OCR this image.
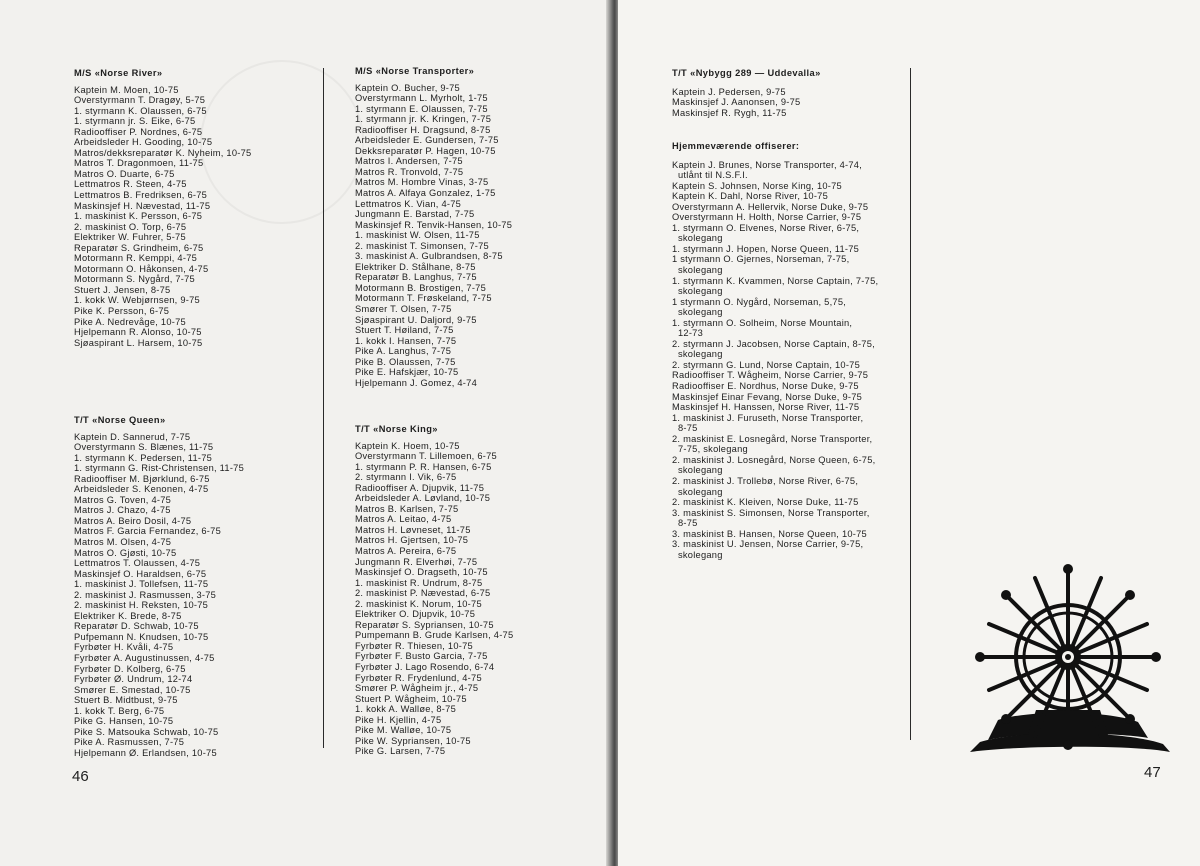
M/S «Norse River»
Kaptein M. Moen, 10-75
Overstyrmann T. Dragøy, 5-75
1. styrmann K. Olaussen, 6-75
1. styrmann jr. S. Eike, 6-75
Radiooffiser P. Nordnes, 6-75
Arbeidsleder H. Gooding, 10-75
Matros/dekksreparatør K. Nyheim, 10-75
Matros T. Dragonmoen, 11-75
Matros O. Duarte, 6-75
Lettmatros R. Steen, 4-75
Lettmatros B. Fredriksen, 6-75
Maskinsjef H. Nævestad, 11-75
1. maskinist K. Persson, 6-75
2. maskinist O. Torp, 6-75
Elektriker W. Fuhrer, 5-75
Reparatør S. Grindheim, 6-75
Motormann R. Kemppi, 4-75
Motormann O. Håkonsen, 4-75
Motormann S. Nygård, 7-75
Stuert J. Jensen, 8-75
1. kokk W. Webjørnsen, 9-75
Pike K. Persson, 6-75
Pike A. Nedrevåge, 10-75
Hjelpemann R. Alonso, 10-75
Sjøaspirant L. Harsem, 10-75
T/T «Norse Queen»
Kaptein D. Sannerud, 7-75
Overstyrmann S. Blænes, 11-75
1. styrmann K. Pedersen, 11-75
1. styrmann G. Rist-Christensen, 11-75
Radiooffiser M. Bjørklund, 6-75
Arbeidsleder S. Kenonen, 4-75
Matros G. Toven, 4-75
Matros J. Chazo, 4-75
Matros A. Beiro Dosil, 4-75
Matros F. Garcia Fernandez, 6-75
Matros M. Olsen, 4-75
Matros O. Gjøsti, 10-75
Lettmatros T. Olaussen, 4-75
Maskinsjef O. Haraldsen, 6-75
1. maskinist J. Tollefsen, 11-75
2. maskinist J. Rasmussen, 3-75
2. maskinist H. Reksten, 10-75
Elektriker K. Brede, 8-75
Reparatør D. Schwab, 10-75
Pufpemann N. Knudsen, 10-75
Fyrbøter H. Kvåli, 4-75
Fyrbøter A. Augustinussen, 4-75
Fyrbøter D. Kolberg, 6-75
Fyrbøter Ø. Undrum, 12-74
Smører E. Smestad, 10-75
Stuert B. Midtbust, 9-75
1. kokk T. Berg, 6-75
Pike G. Hansen, 10-75
Pike S. Matsouka Schwab, 10-75
Pike A. Rasmussen, 7-75
Hjelpemann Ø. Erlandsen, 10-75
M/S «Norse Transporter»
Kaptein O. Bucher, 9-75
Overstyrmann L. Myrholt, 1-75
1. styrmann E. Olaussen, 7-75
1. styrmann jr. K. Kringen, 7-75
Radiooffiser H. Dragsund, 8-75
Arbeidsleder E. Gundersen, 7-75
Dekksreparatør P. Hagen, 10-75
Matros I. Andersen, 7-75
Matros R. Tronvold, 7-75
Matros M. Hombre Vinas, 3-75
Matros A. Alfaya Gonzalez, 1-75
Lettmatros K. Vian, 4-75
Jungmann E. Barstad, 7-75
Maskinsjef R. Tenvik-Hansen, 10-75
1. maskinist W. Olsen, 11-75
2. maskinist T. Simonsen, 7-75
3. maskinist A. Gulbrandsen, 8-75
Elektriker D. Stålhane, 8-75
Reparatør B. Langhus, 7-75
Motormann B. Brostigen, 7-75
Motormann T. Frøskeland, 7-75
Smører T. Olsen, 7-75
Sjøaspirant U. Daljord, 9-75
Stuert T. Høiland, 7-75
1. kokk I. Hansen, 7-75
Pike A. Langhus, 7-75
Pike B. Olaussen, 7-75
Pike E. Hafskjær, 10-75
Hjelpemann J. Gomez, 4-74
T/T «Norse King»
Kaptein K. Hoem, 10-75
Overstyrmann T. Lillemoen, 6-75
1. styrmann P. R. Hansen, 6-75
2. styrmann I. Vik, 6-75
Radiooffiser A. Djupvik, 11-75
Arbeidsleder A. Løvland, 10-75
Matros B. Karlsen, 7-75
Matros A. Leitao, 4-75
Matros H. Løvneset, 11-75
Matros H. Gjertsen, 10-75
Matros A. Pereira, 6-75
Jungmann R. Elverhøi, 7-75
Maskinsjef O. Dragseth, 10-75
1. maskinist R. Undrum, 8-75
2. maskinist P. Nævestad, 6-75
2. maskinist K. Norum, 10-75
Elektriker O. Djupvik, 10-75
Reparatør S. Sypriansen, 10-75
Pumpemann B. Grude Karlsen, 4-75
Fyrbøter R. Thiesen, 10-75
Fyrbøter F. Busto Garcia, 7-75
Fyrbøter J. Lago Rosendo, 6-74
Fyrbøter R. Frydenlund, 4-75
Smører P. Wågheim jr., 4-75
Stuert P. Wågheim, 10-75
1. kokk A. Walløe, 8-75
Pike H. Kjellin, 4-75
Pike M. Walløe, 10-75
Pike W. Sypriansen, 10-75
Pike G. Larsen, 7-75
46
T/T «Nybygg 289 — Uddevalla»
Kaptein J. Pedersen, 9-75
Maskinsjef J. Aanonsen, 9-75
Maskinsjef R. Rygh, 11-75
Hjemmeværende offiserer:
Kaptein J. Brunes, Norse Transporter, 4-74,
utlånt til N.S.F.I.
Kaptein S. Johnsen, Norse King, 10-75
Kaptein K. Dahl, Norse River, 10-75
Overstyrmann A. Hellervik, Norse Duke, 9-75
Overstyrmann H. Holth, Norse Carrier, 9-75
1. styrmann O. Elvenes, Norse River, 6-75,
skolegang
1. styrmann J. Hopen, Norse Queen, 11-75
1 styrmann O. Gjernes, Norseman, 7-75,
skolegang
1. styrmann K. Kvammen, Norse Captain, 7-75,
skolegang
1 styrmann O. Nygård, Norseman, 5,75,
skolegang
1. styrmann O. Solheim, Norse Mountain,
12-73
2. styrmann J. Jacobsen, Norse Captain, 8-75,
skolegang
2. styrmann G. Lund, Norse Captain, 10-75
Radiooffiser T. Wågheim, Norse Carrier, 9-75
Radiooffiser E. Nordhus, Norse Duke, 9-75
Maskinsjef Einar Fevang, Norse Duke, 9-75
Maskinsjef H. Hanssen, Norse River, 11-75
1. maskinist J. Furuseth, Norse Transporter,
8-75
2. maskinist E. Losnegård, Norse Transporter,
7-75, skolegang
2. maskinist J. Losnegård, Norse Queen, 6-75,
skolegang
2. maskinist J. Trollebø, Norse River, 6-75,
skolegang
2. maskinist K. Kleiven, Norse Duke, 11-75
3. maskinist S. Simonsen, Norse Transporter,
8-75
3. maskinist B. Hansen, Norse Queen, 10-75
3. maskinist U. Jensen, Norse Carrier, 9-75,
skolegang
47
